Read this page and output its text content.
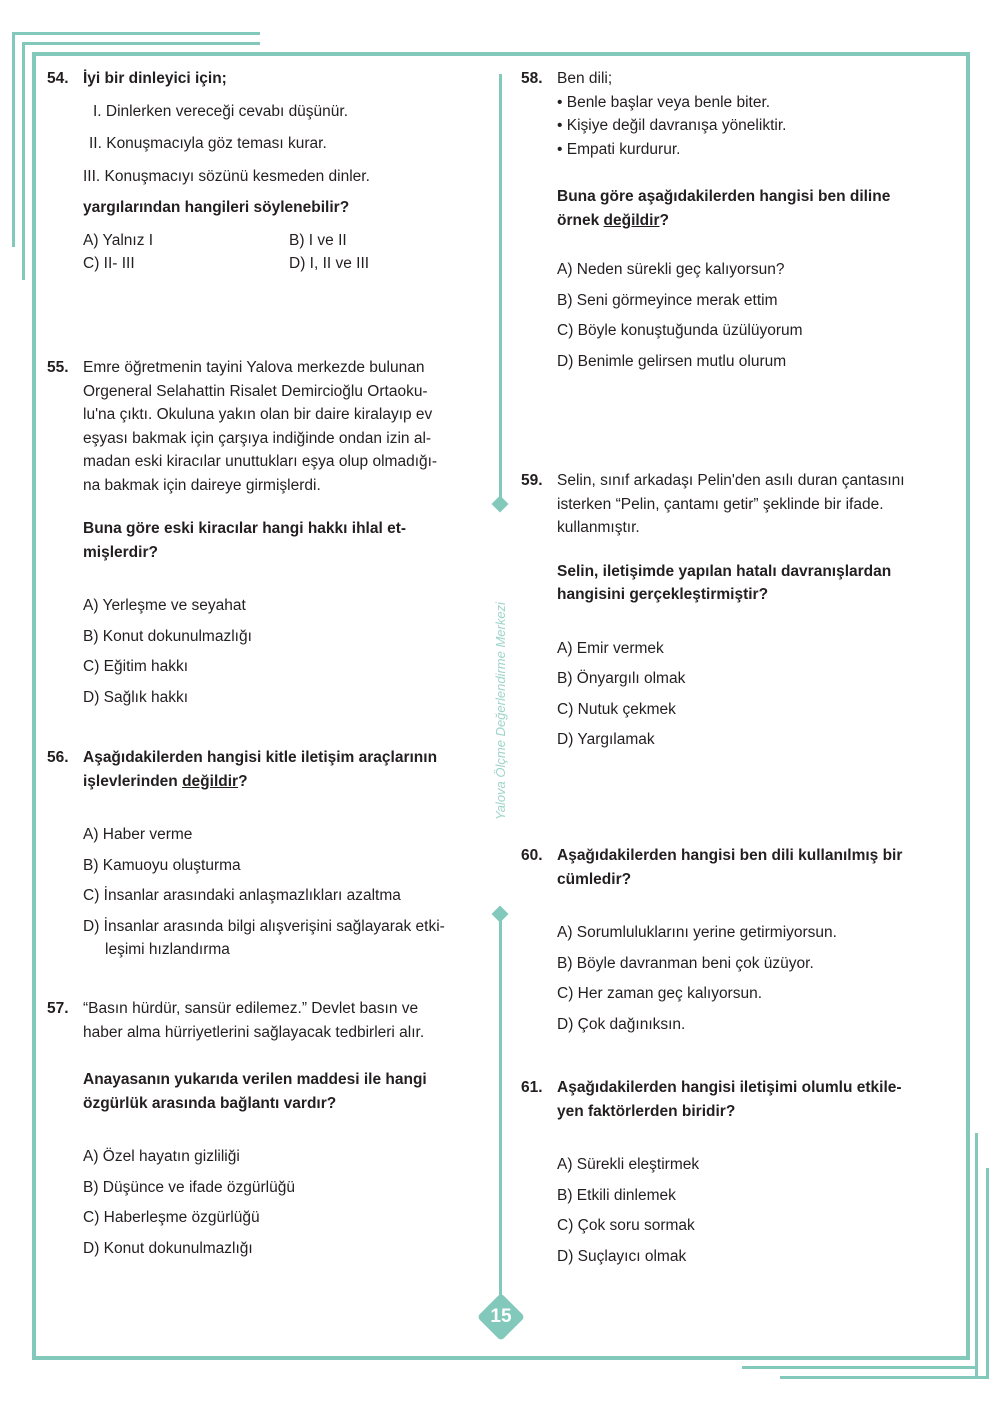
Yalova Ölçme Değerlendirme Merkezi
15
54. İyi bir dinleyici için;
I. Dinlerken vereceği cevabı düşünür.
II. Konuşmacıyla göz teması kurar.
III. Konuşmacıyı sözünü kesmeden dinler.
yargılarından hangileri söylenebilir?
A) Yalnız I	B) I ve II
C) II- III	D) I, II ve III
55. Emre öğretmenin tayini Yalova merkezde bulunan
Orgeneral Selahattin Risalet Demircioğlu Ortaoku-
lu'na çıktı. Okuluna yakın olan bir daire kiralayıp ev
eşyası bakmak için çarşıya indiğinde ondan izin al-
madan eski kiracılar unuttukları eşya olup olmadığı-
na bakmak için daireye girmişlerdi.
Buna göre eski kiracılar hangi hakkı ihlal et-
mişlerdir?
A) Yerleşme ve seyahat
B) Konut dokunulmazlığı
C) Eğitim hakkı
D) Sağlık hakkı
56. Aşağıdakilerden hangisi kitle iletişim araçlarının
işlevlerinden değildir?
A) Haber verme
B) Kamuoyu oluşturma
C) İnsanlar arasındaki anlaşmazlıkları azaltma
D) İnsanlar arasında bilgi alışverişini sağlayarak etki-
leşimi hızlandırma
57. “Basın hürdür, sansür edilemez.” Devlet basın ve
haber alma hürriyetlerini sağlayacak tedbirleri alır.
Anayasanın yukarıda verilen maddesi ile hangi
özgürlük arasında bağlantı vardır?
A) Özel hayatın gizliliği
B) Düşünce ve ifade özgürlüğü
C) Haberleşme özgürlüğü
D) Konut dokunulmazlığı
58. Ben dili;
• Benle başlar veya benle biter.
• Kişiye değil davranışa yöneliktir.
• Empati kurdurur.
Buna göre aşağıdakilerden hangisi ben diline
örnek değildir?
A) Neden sürekli geç kalıyorsun?
B) Seni görmeyince merak ettim
C) Böyle konuştuğunda üzülüyorum
D) Benimle gelirsen mutlu olurum
59. Selin, sınıf arkadaşı Pelin'den asılı duran çantasını
isterken “Pelin, çantamı getir” şeklinde bir ifade.
kullanmıştır.
Selin, iletişimde yapılan hatalı davranışlardan
hangisini gerçekleştirmiştir?
A) Emir vermek
B) Önyargılı olmak
C) Nutuk çekmek
D) Yargılamak
60. Aşağıdakilerden hangisi ben dili kullanılmış bir
cümledir?
A) Sorumluluklarını yerine getirmiyorsun.
B) Böyle davranman beni çok üzüyor.
C) Her zaman geç kalıyorsun.
D) Çok dağınıksın.
61. Aşağıdakilerden hangisi iletişimi olumlu etkile-
yen faktörlerden biridir?
A) Sürekli eleştirmek
B) Etkili dinlemek
C) Çok soru sormak
D) Suçlayıcı olmak
